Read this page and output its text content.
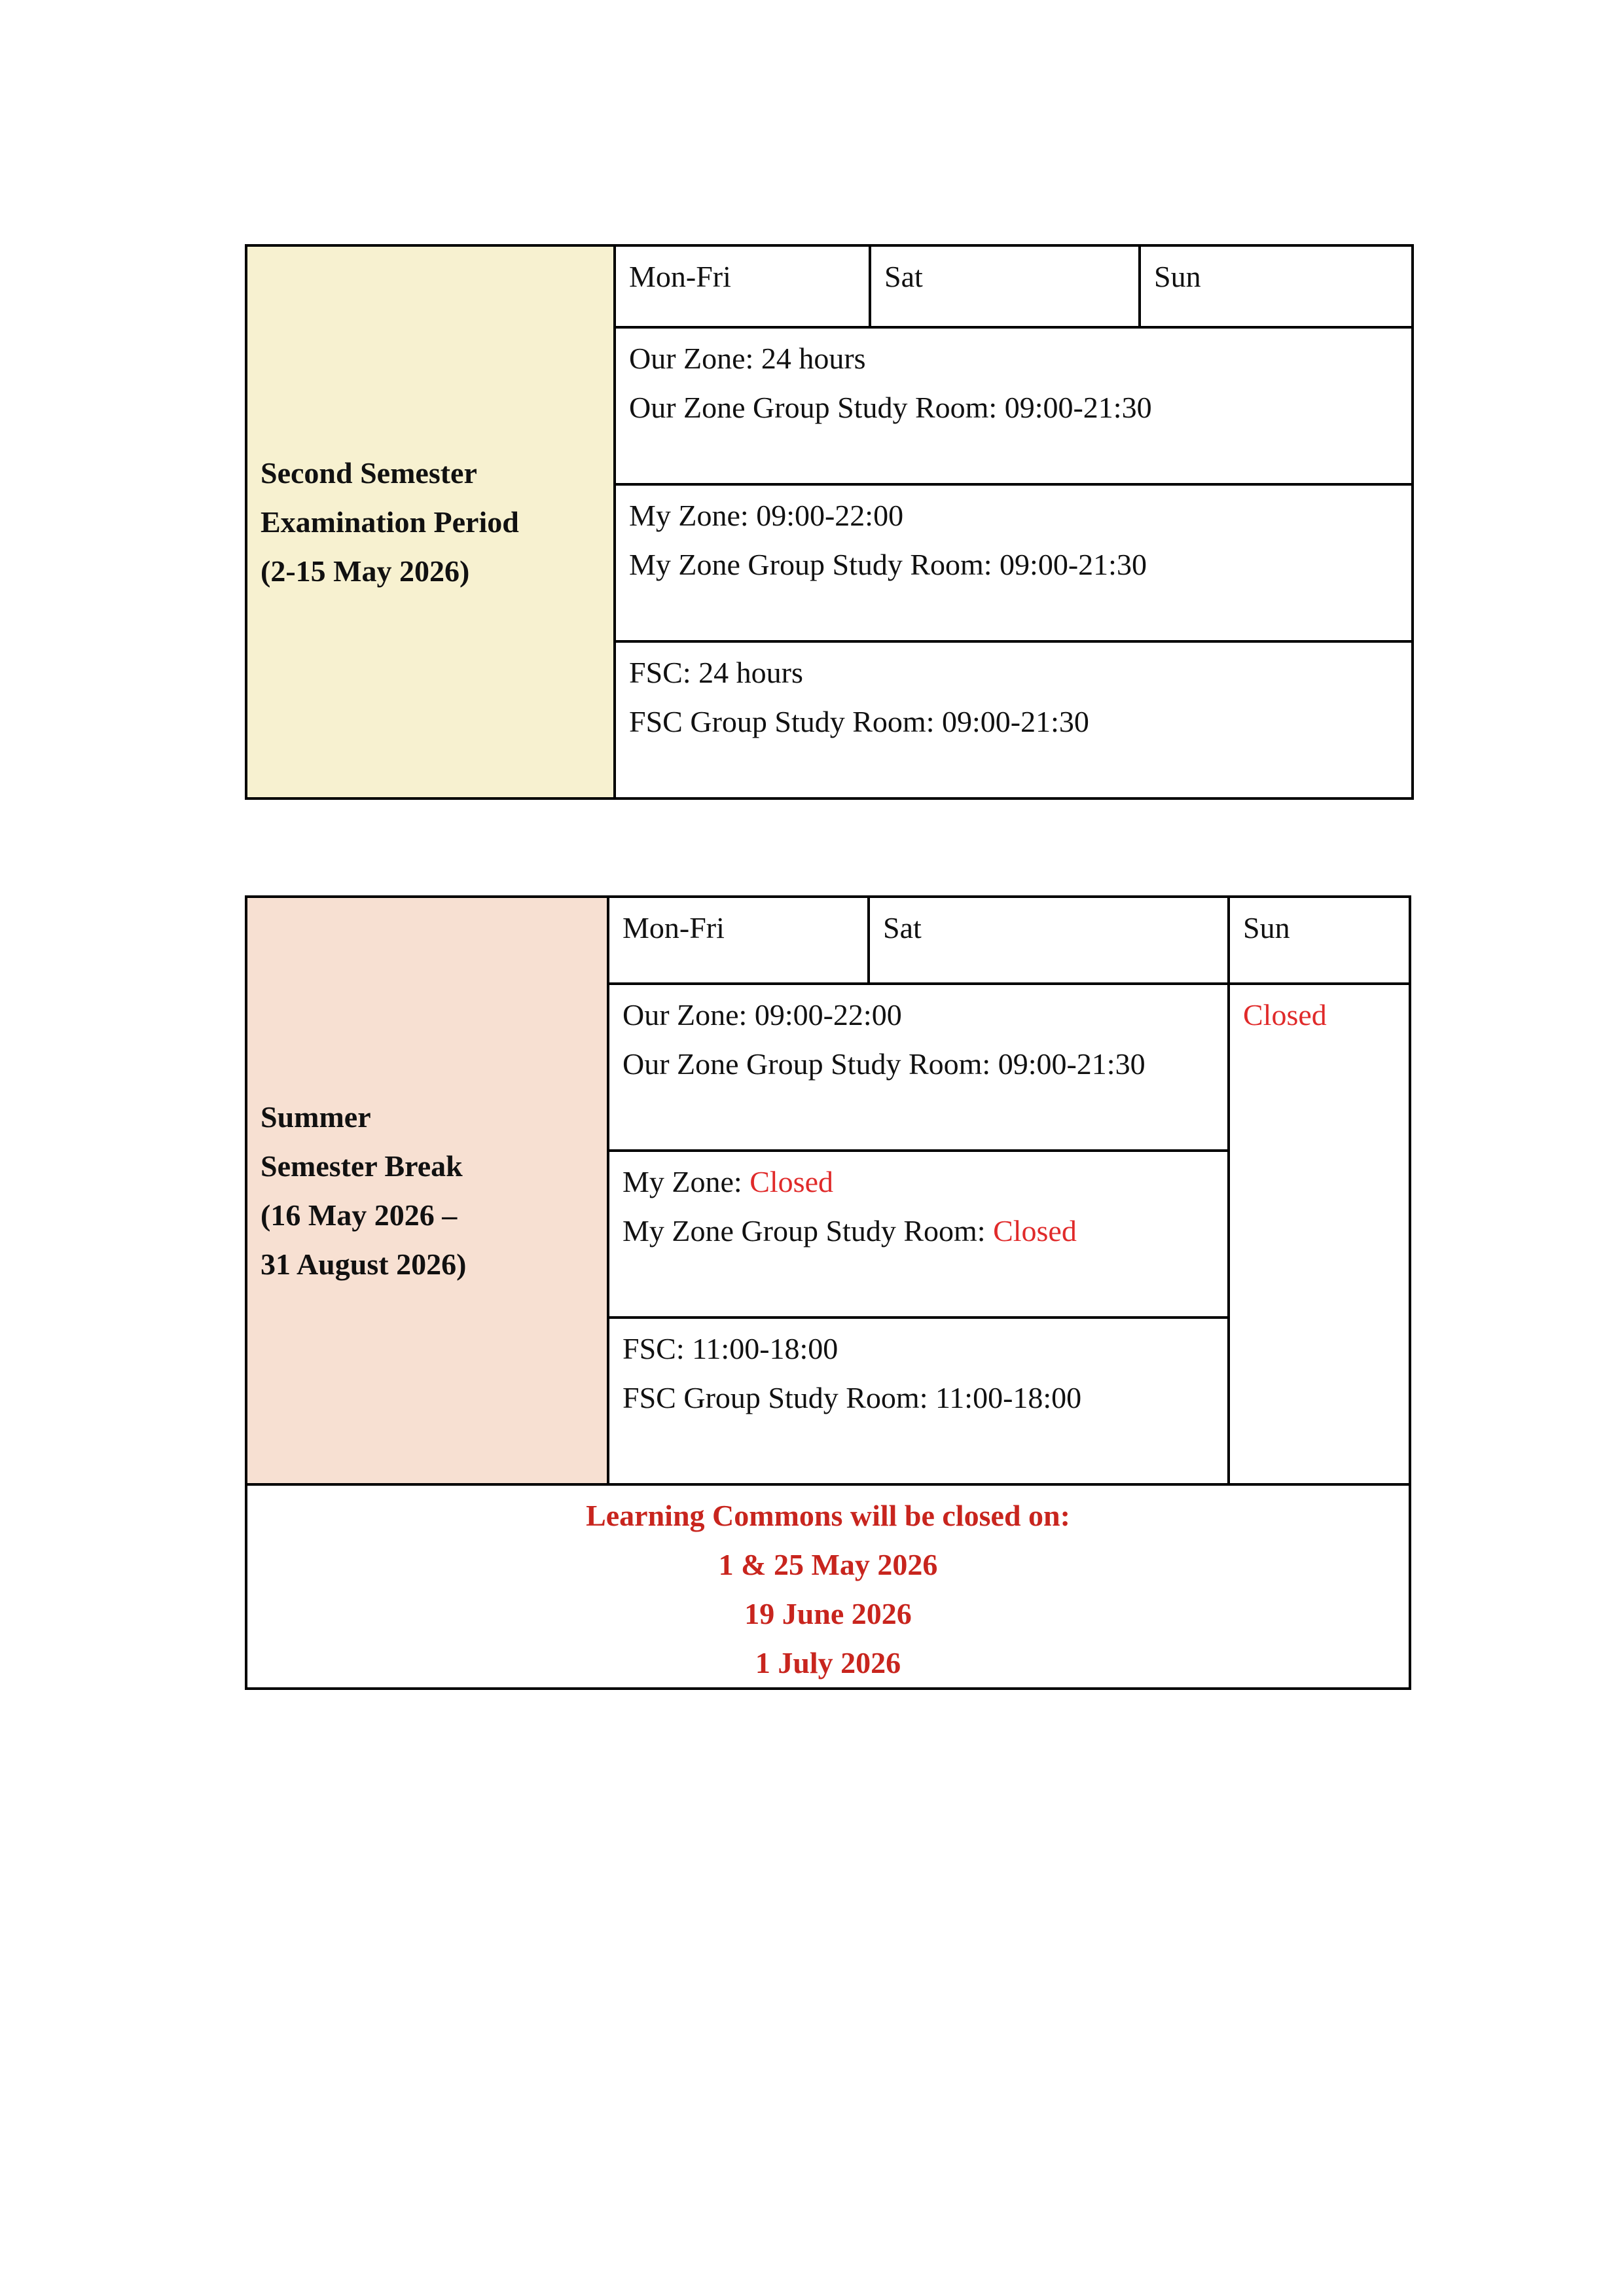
Second Semester
Examination Period
(2-15 May 2026)
	Mon-Fri	Sat	Sun

Our Zone: 24 hours
Our Zone Group Study Room: 09:00-21:30

My Zone: 09:00-22:00
My Zone Group Study Room: 09:00-21:30

FSC: 24 hours
FSC Group Study Room: 09:00-21:30
Summer
Semester Break
(16 May 2026 –
31 August 2026)	Mon-Fri	Sat	Sun

	Our Zone: 09:00-22:00
Our Zone Group Study Room: 09:00-21:30		Closed

	My Zone: Closed
My Zone Group Study Room: Closed		

	FSC: 11:00-18:00
FSC Group Study Room: 11:00-18:00		

Learning Commons will be closed on:
1 & 25 May 2026
19 June 2026
1 July 2026			
